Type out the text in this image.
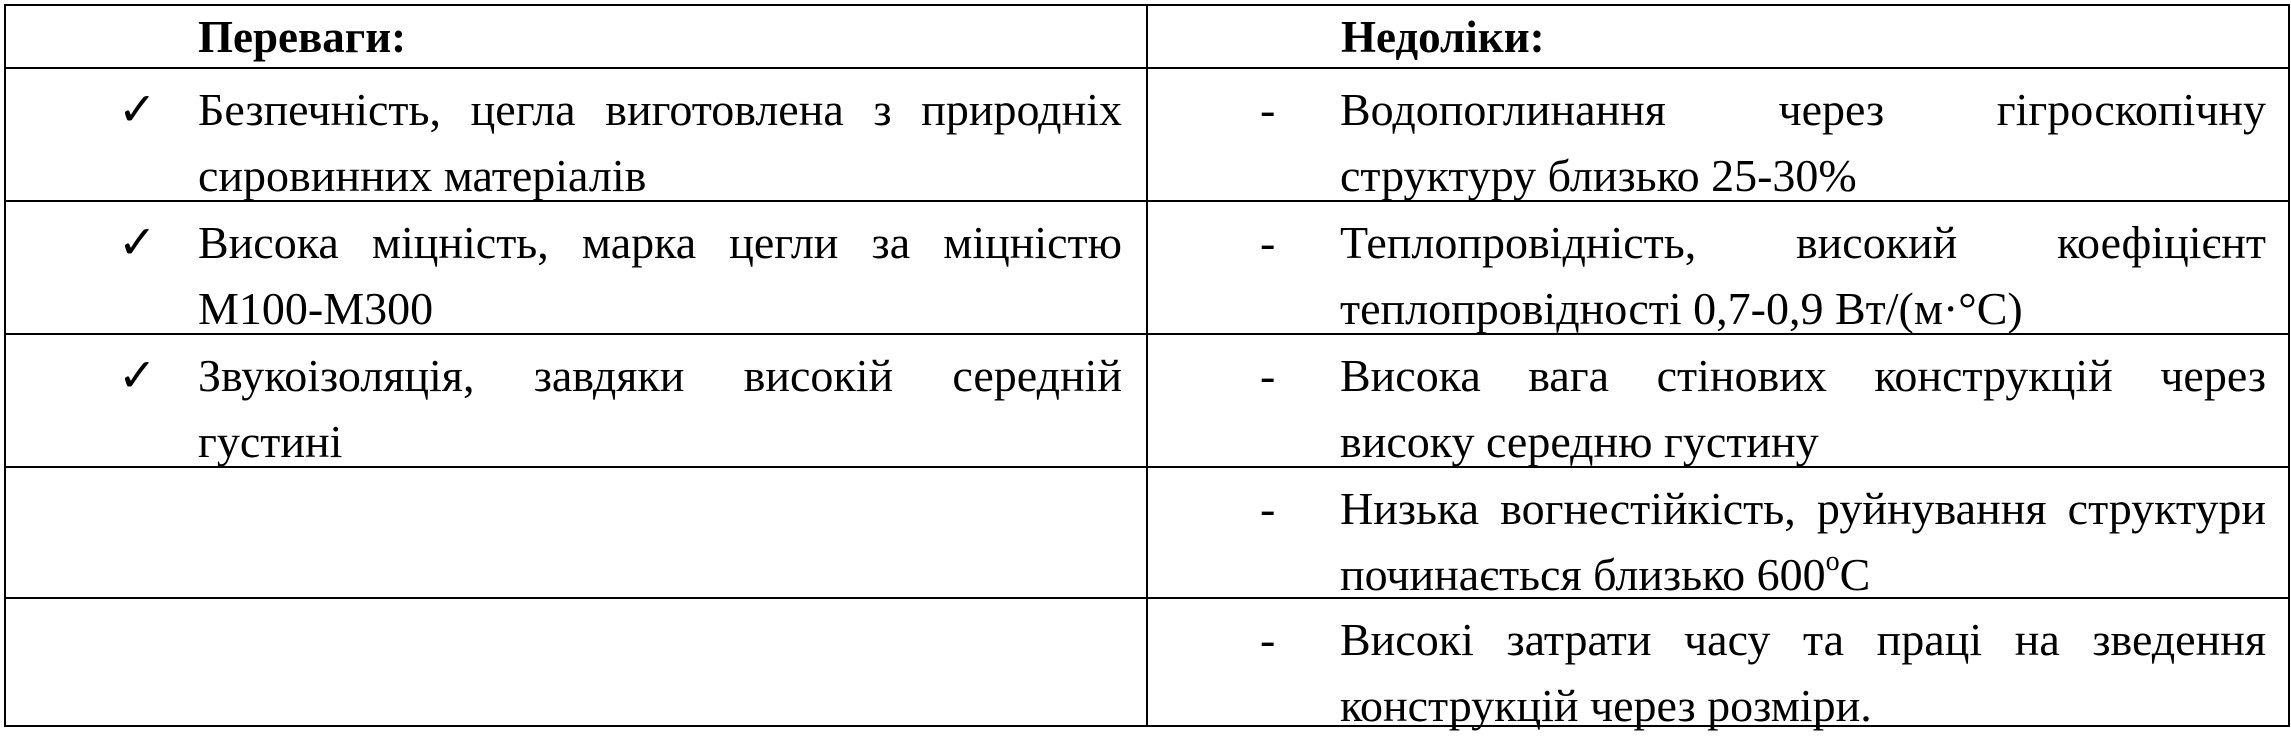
Переваги:	Недоліки:

✓ Безпечність, цегла виготовлена з природніх сировинних матеріалів	- Водопоглинання через гігроскопічну структуру близько 25-30%

✓ Висока міцність, марка цегли за міцністю М100-М300	- Теплопровідність, високий коефіцієнт теплопровідності 0,7-0,9 Вт/(м·°С)

✓ Звукоізоляція, завдяки високій середній густині	- Висока вага стінових конструкцій через високу середню густину

	- Низька вогнестійкість, руйнування структури починається близько $600^оС$

	- Високі затрати часу та праці на зведення конструкцій через розміри.
